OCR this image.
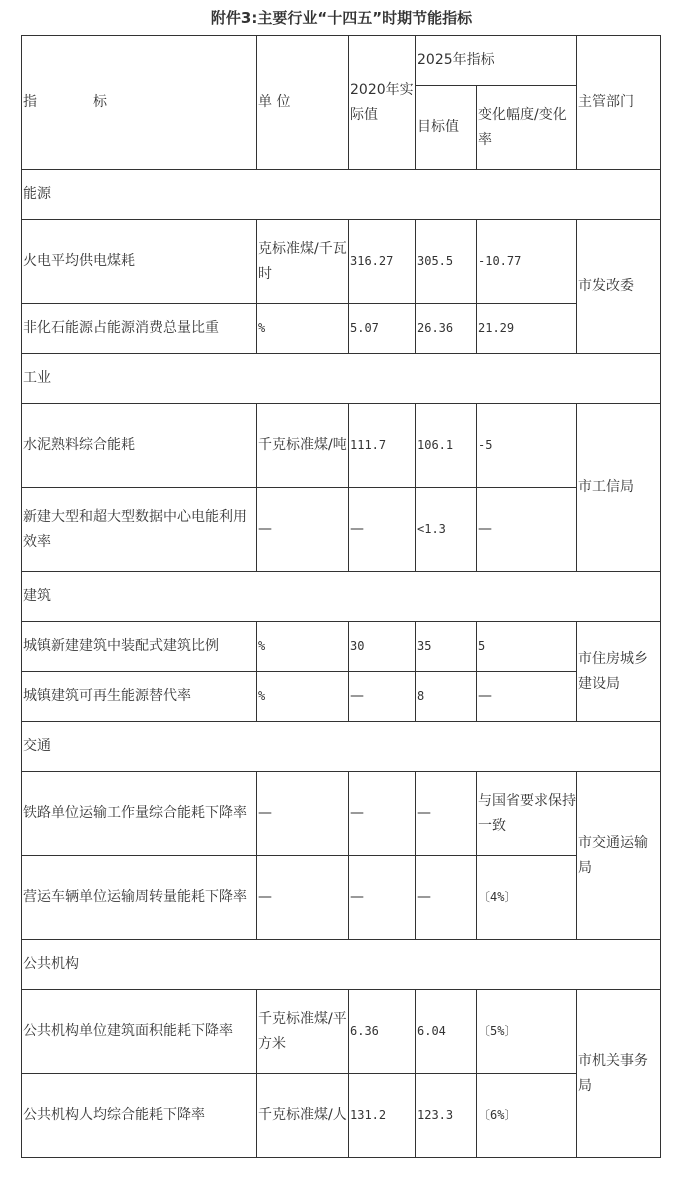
附件3:主要行业“十四五”时期节能指标
指　　　　标	单 位	2020年实际值	2025年指标		主管部门
			目标值	变化幅度/变化率	
能源					
火电平均供电煤耗	克标准煤/千瓦时	316.27	305.5	-10.77	市发改委
非化石能源占能源消费总量比重	%	5.07	26.36	21.29	
工业					
水泥熟料综合能耗	千克标准煤/吨	111.7	106.1	-5	市工信局
新建大型和超大型数据中心电能利用效率	—	—	<1.3	—	
建筑					
城镇新建建筑中装配式建筑比例	%	30	35	5	市住房城乡建设局
城镇建筑可再生能源替代率	%	—	8	—	
交通					
铁路单位运输工作量综合能耗下降率	—	—	—	与国省要求保持一致	市交通运输局
营运车辆单位运输周转量能耗下降率	—	—	—	〔4%〕	
公共机构					
公共机构单位建筑面积能耗下降率	千克标准煤/平方米	6.36	6.04	〔5%〕	市机关事务局
公共机构人均综合能耗下降率	千克标准煤/人	131.2	123.3	〔6%〕	
